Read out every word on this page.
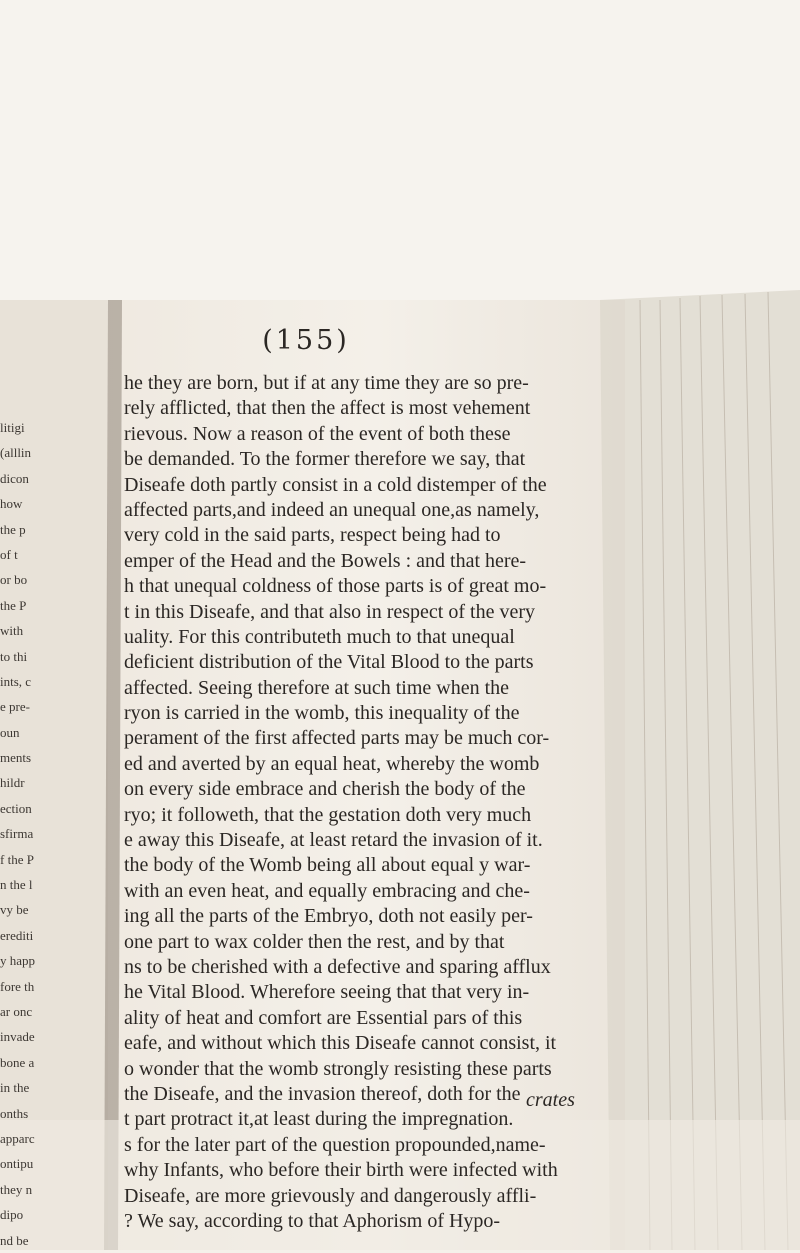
litigi
(alllin
dicon
how
the p
of t
or bo
the P
with
to thi
ints, c
e pre-
oun
ments
hildr
ection
sfirma
f the P
n the l
vy be
erediti
y happ
fore th
ar onc
invade
bone a
in the
onths
apparc
ontipu
they n
dipo
nd be
(155)
he they are born, but if at any time they are so pre-
rely afflicted, that then the affect is most vehement
rievous. Now a reason of the event of both these
be demanded. To the former therefore we say, that
Diseafe doth partly consist in a cold distemper of the
affected parts,and indeed an unequal one,as namely,
very cold in the said parts, respect being had to
emper of the Head and the Bowels : and that here-
h that unequal coldness of those parts is of great mo-
t in this Diseafe, and that also in respect of the very
uality. For this contributeth much to that unequal
deficient distribution of the Vital Blood to the parts
affected. Seeing therefore at such time when the
ryon is carried in the womb, this inequality of the
perament of the first affected parts may be much cor-
ed and averted by an equal heat, whereby the womb
on every side embrace and cherish the body of the
ryo; it followeth, that the gestation doth very much
e away this Diseafe, at least retard the invasion of it.
the body of the Womb being all about equal y war-
with an even heat, and equally embracing and che-
ing all the parts of the Embryo, doth not easily per-
one part to wax colder then the rest, and by that
ns to be cherished with a defective and sparing afflux
he Vital Blood. Wherefore seeing that that very in-
ality of heat and comfort are Essential pars of this
eafe, and without which this Diseafe cannot consist, it
o wonder that the womb strongly resisting these parts
the Diseafe, and the invasion thereof, doth for the
t part protract it,at least during the impregnation.
s for the later part of the question propounded,name-
why Infants, who before their birth were infected with
Diseafe, are more grievously and dangerously affli-
? We say, according to that Aphorism of Hypo-
crates
